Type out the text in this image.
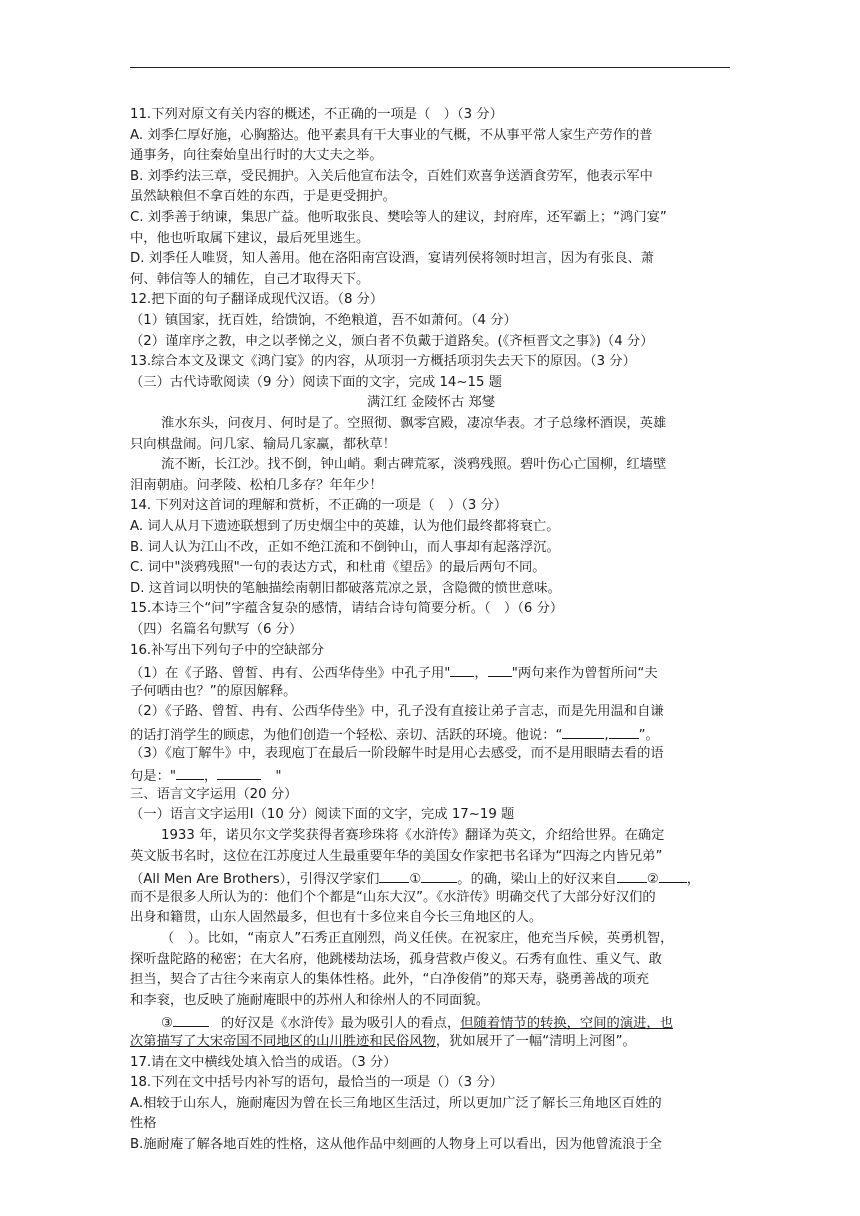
11.下列对原文有关内容的概述，不正确的一项是（　）（3 分）
A. 刘季仁厚好施，心胸豁达。他平素具有干大事业的气概，不从事平常人家生产劳作的普
通事务，向往秦始皇出行时的大丈夫之举。
B. 刘季约法三章，受民拥护。入关后他宣布法令，百姓们欢喜争送酒食劳军，他表示军中
虽然缺粮但不拿百姓的东西，于是更受拥护。
C. 刘季善于纳谏，集思广益。他听取张良、樊哙等人的建议，封府库，还军霸上；“鸿门宴”
中，他也听取属下建议，最后死里逃生。
D. 刘季任人唯贤，知人善用。他在洛阳南宫设酒，宴请列侯将领时坦言，因为有张良、萧
何、韩信等人的辅佐，自己才取得天下。
12.把下面的句子翻译成现代汉语。（8 分）
（1）镇国家，抚百姓，给馈饷，不绝粮道，吾不如萧何。（4 分）
（2）谨庠序之教，申之以孝悌之义，颁白者不负戴于道路矣。(《齐桓晋文之事》)（4 分）
13.综合本文及课文《鸿门宴》的内容，从项羽一方概括项羽失去天下的原因。（3 分）
（三）古代诗歌阅读（9 分）阅读下面的文字，完成 14~15 题
满江红 金陵怀古 郑燮
淮水东头，问夜月、何时是了。空照彻、飘零宫殿，凄凉华表。才子总缘杯酒误，英雄
只向棋盘闹。问几家、输局几家赢，都秋草！
流不断，长江沙。找不倒，钟山峭。剩古碑荒冢，淡鸦残照。碧叶伤心亡国柳，红墙壁
泪南朝庙。问孝陵、松柏几多存？年年少！
14. 下列对这首词的理解和赏析，不正确的一项是（　）（3 分）
A. 词人从月下遗迹联想到了历史烟尘中的英雄，认为他们最终都将衰亡。
B. 词人认为江山不改，正如不绝江流和不倒钟山，而人事却有起落浮沉。
C. 词中"淡鸦残照"一句的表达方式，和杜甫《望岳》的最后两句不同。
D. 这首词以明快的笔触描绘南朝旧都破落荒凉之景，含隐微的愤世意味。
15.本诗三个“问”字蕴含复杂的感情，请结合诗句简要分析。（　）（6 分）
（四）名篇名句默写（6 分）
16.补写出下列句子中的空缺部分
（1）在《子路、曾皙、冉有、公西华侍坐》中孔子用" ， "两句来作为曾皙所问“夫
子何哂由也？”的原因解释。
（2）《子路、曾皙、冉有、公西华侍坐》中，孔子没有直接让弟子言志，而是先用温和自谦
的话打消学生的顾虑，为他们创造一个轻松、亲切、活跃的环境。他说：“	, ”。
（3）《庖丁解牛》中，表现庖丁在最后一阶段解牛时是用心去感受，而不是用眼睛去看的语
句是：" ，	"
三、语言文字运用（20 分）
（一）语言文字运用Ⅰ（10 分）阅读下面的文字，完成 17~19 题
1933 年，诺贝尔文学奖获得者赛珍珠将《水浒传》翻译为英文，介绍给世界。在确定
英文版书名时，这位在江苏度过人生最重要年华的美国女作家把书名译为“四海之内皆兄弟”
（All Men Are Brothers），引得汉学家们 ①	。的确，梁山上的好汉来自 ② ，
而不是很多人所认为的：他们个个都是“山东大汉”。《水浒传》明确交代了大部分好汉们的
出身和籍贯，山东人固然最多，但也有十多位来自今长三角地区的人。
（　）。比如，“南京人”石秀正直刚烈，尚义任侠。在祝家庄，他充当斥候，英勇机智，
探听盘陀路的秘密；在大名府，他跳楼劫法场，孤身营救卢俊义。石秀有血性、重义气、敢
担当，契合了古往今来南京人的集体性格。此外，“白净俊俏”的郑天寿，骁勇善战的项充
和李衮，也反映了施耐庵眼中的苏州人和徐州人的不同面貌。
③	的好汉是《水浒传》最为吸引人的看点，但随着情节的转换，空间的演进，也
次第描写了大宋帝国不同地区的山川胜迹和民俗风物，犹如展开了一幅“清明上河图”。
17.请在文中横线处填入恰当的成语。（3 分）
18.下列在文中括号内补写的语句，最恰当的一项是（）（3 分）
A.相较于山东人，施耐庵因为曾在长三角地区生活过，所以更加广泛了解长三角地区百姓的
性格
B.施耐庵了解各地百姓的性格，这从他作品中刻画的人物身上可以看出，因为他曾流浪于全
